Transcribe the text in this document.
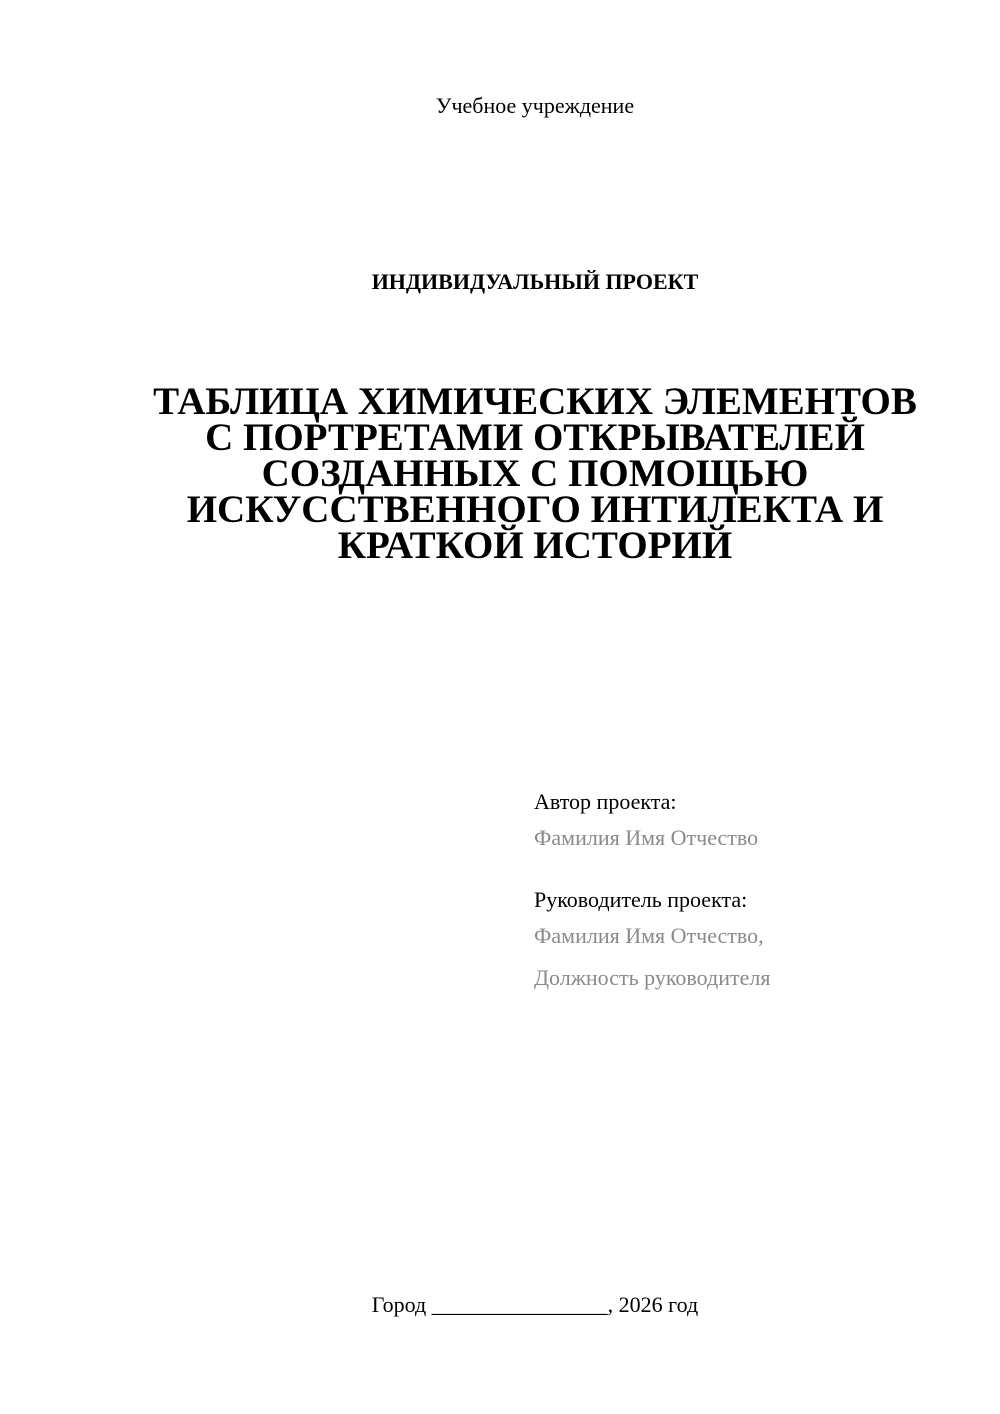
Учебное учреждение
ИНДИВИДУАЛЬНЫЙ ПРОЕКТ
ТАБЛИЦА ХИМИЧЕСКИХ ЭЛЕМЕНТОВ
С ПОРТРЕТАМИ ОТКРЫВАТЕЛЕЙ
СОЗДАННЫХ С ПОМОЩЬЮ
ИСКУССТВЕННОГО ИНТИЛЕКТА И
КРАТКОЙ ИСТОРИЙ
Автор проекта:
Фамилия Имя Отчество
Руководитель проекта:
Фамилия Имя Отчество,
Должность руководителя
Город ________________, 2026 год
